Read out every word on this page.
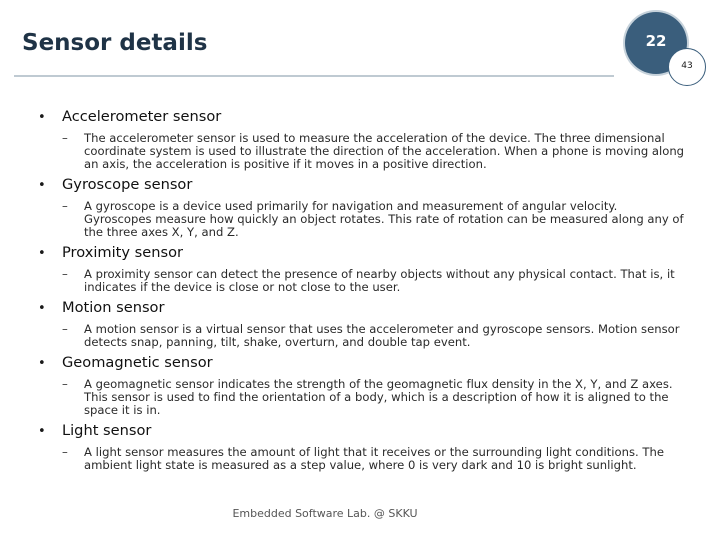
Sensor details	22
43
• Accelerometer sensor
– The accelerometer sensor is used to measure the acceleration of the device. The three dimensional coordinate system is used to illustrate the direction of the acceleration. When a phone is moving along an axis, the acceleration is positive if it moves in a positive direction.
• Gyroscope sensor
– A gyroscope is a device used primarily for navigation and measurement of angular velocity. Gyroscopes measure how quickly an object rotates. This rate of rotation can be measured along any of the three axes X, Y, and Z.
• Proximity sensor
– A proximity sensor can detect the presence of nearby objects without any physical contact. That is, it indicates if the device is close or not close to the user.
• Motion sensor
– A motion sensor is a virtual sensor that uses the accelerometer and gyroscope sensors. Motion sensor detects snap, panning, tilt, shake, overturn, and double tap event.
• Geomagnetic sensor
– A geomagnetic sensor indicates the strength of the geomagnetic flux density in the X, Y, and Z axes. This sensor is used to find the orientation of a body, which is a description of how it is aligned to the space it is in.
• Light sensor
– A light sensor measures the amount of light that it receives or the surrounding light conditions. The ambient light state is measured as a step value, where 0 is very dark and 10 is bright sunlight.
Embedded Software Lab. @ SKKU
